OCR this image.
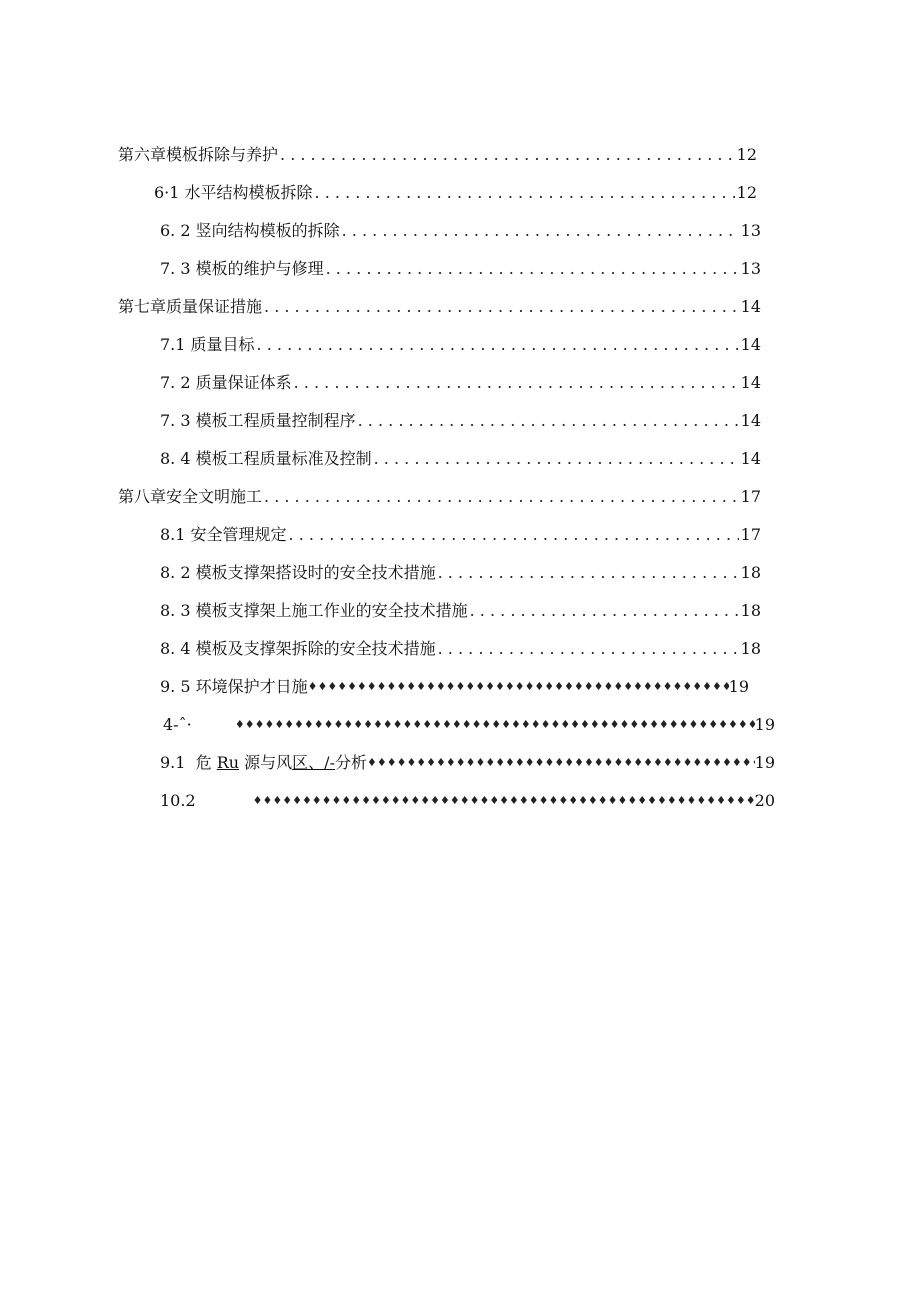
第六章模板拆除与养护 . . .	12
6·1 水平结构模板拆除 . . .	12
6. 2 竖向结构模板的拆除 . . .	13
7. 3 模板的维护与修理 . . .	13
第七章质量保证措施 . . .	14
7.1 质量目标 . . .	14
7. 2 质量保证体系 . . .	14
7. 3 模板工程质量控制程序 . . .	14
8. 4 模板工程质量标准及控制 . . .	14
第八章安全文明施工 . . .	17
8.1 安全管理规定 . . .	17
8. 2 模板支撑架搭设时的安全技术措施 . . .	18
8. 3 模板支撑架上施工作业的安全技术措施 . . .	18
8. 4 模板及支撑架拆除的安全技术措施 . . .	18
9. 5 环境保护才日施 ♦♦♦♦♦♦♦♦♦♦♦♦♦♦♦♦♦♦♦♦♦♦♦♦♦♦♦♦♦♦♦♦♦♦♦♦♦♦♦♦♦♦♦♦♦♦♦♦♦♦♦♦♦♦♦♦♦♦♦♦♦♦♦♦♦♦♦♦♦♦♦♦♦♦♦♦♦♦♦♦♦♦♦♦♦♦♦♦♦♦♦♦♦♦♦♦♦♦♦♦	19
4-ˆ· ♦♦♦♦♦♦♦♦♦♦♦♦♦♦♦♦♦♦♦♦♦♦♦♦♦♦♦♦♦♦♦♦♦♦♦♦♦♦♦♦♦♦♦♦♦♦♦♦♦♦♦♦♦♦♦♦♦♦♦♦♦♦♦♦♦♦♦♦♦♦♦♦♦♦♦♦♦♦♦♦♦♦♦♦♦♦♦♦♦♦♦♦♦♦♦♦♦♦♦♦	19
9.1  危 Ru 源与风区、/-分析 ♦♦♦♦♦♦♦♦♦♦♦♦♦♦♦♦♦♦♦♦♦♦♦♦♦♦♦♦♦♦♦♦♦♦♦♦♦♦♦♦♦♦♦♦♦♦♦♦♦♦♦♦♦♦♦♦♦♦♦♦♦♦♦♦♦♦♦♦♦♦♦♦♦♦♦♦♦♦♦♦♦♦♦♦♦♦♦♦♦♦♦♦♦♦♦♦♦♦♦♦	19
10.2 ♦♦♦♦♦♦♦♦♦♦♦♦♦♦♦♦♦♦♦♦♦♦♦♦♦♦♦♦♦♦♦♦♦♦♦♦♦♦♦♦♦♦♦♦♦♦♦♦♦♦♦♦♦♦♦♦♦♦♦♦♦♦♦♦♦♦♦♦♦♦♦♦♦♦♦♦♦♦♦♦♦♦♦♦♦♦♦♦♦♦♦♦♦♦♦♦♦♦♦♦	20
